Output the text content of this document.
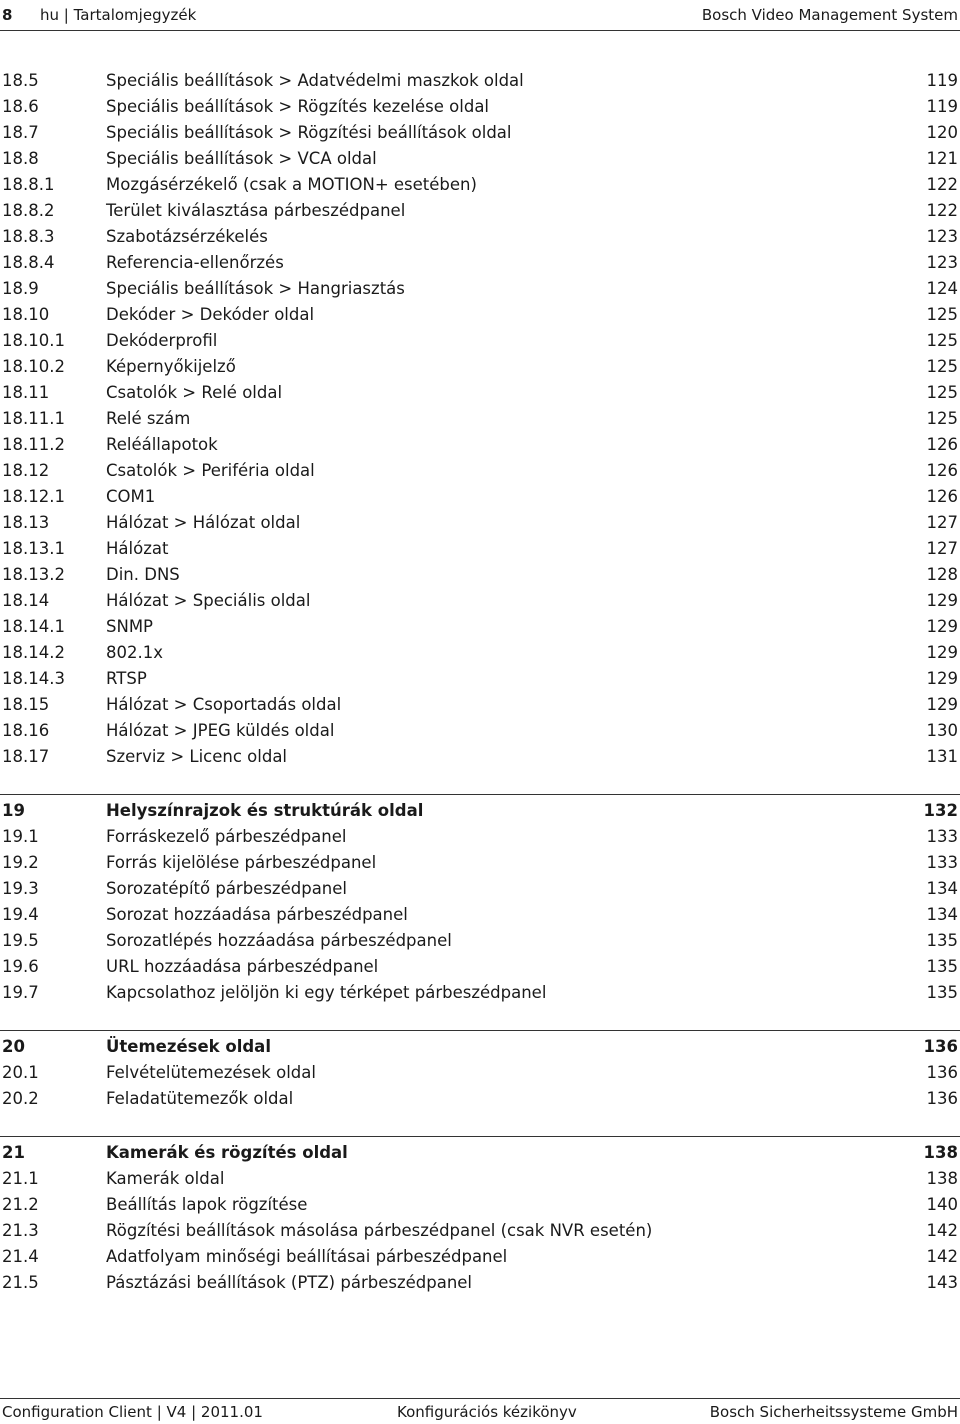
8 hu | Tartalomjegyzék	Bosch Video Management System
18.5	Speciális beállítások > Adatvédelmi maszkok oldal	119
18.6	Speciális beállítások > Rögzítés kezelése oldal	119
18.7	Speciális beállítások > Rögzítési beállítások oldal	120
18.8	Speciális beállítások > VCA oldal	121
18.8.1	Mozgásérzékelő (csak a MOTION+ esetében)	122
18.8.2	Terület kiválasztása párbeszédpanel	122
18.8.3	Szabotázsérzékelés	123
18.8.4	Referencia-ellenőrzés	123
18.9	Speciális beállítások > Hangriasztás	124
18.10	Dekóder > Dekóder oldal	125
18.10.1 Dekóderprofil	125
18.10.2 Képernyőkijelző	125
18.11	Csatolók > Relé oldal	125
18.11.1 Relé szám	125
18.11.2 Reléállapotok	126
18.12	Csatolók > Periféria oldal	126
18.12.1 COM1	126
18.13	Hálózat > Hálózat oldal	127
18.13.1 Hálózat	127
18.13.2 Din. DNS	128
18.14	Hálózat > Speciális oldal	129
18.14.1 SNMP	129
18.14.2 802.1x	129
18.14.3 RTSP	129
18.15	Hálózat > Csoportadás oldal	129
18.16	Hálózat > JPEG küldés oldal	130
18.17	Szerviz > Licenc oldal	131
19	Helyszínrajzok és struktúrák oldal	132
19.1	Forráskezelő párbeszédpanel	133
19.2	Forrás kijelölése párbeszédpanel	133
19.3	Sorozatépítő párbeszédpanel	134
19.4	Sorozat hozzáadása párbeszédpanel	134
19.5	Sorozatlépés hozzáadása párbeszédpanel	135
19.6	URL hozzáadása párbeszédpanel	135
19.7	Kapcsolathoz jelöljön ki egy térképet párbeszédpanel	135
20	Ütemezések oldal	136
20.1	Felvételütemezések oldal	136
20.2	Feladatütemezők oldal	136
21	Kamerák és rögzítés oldal	138
21.1	Kamerák oldal	138
21.2	Beállítás lapok rögzítése	140
21.3	Rögzítési beállítások másolása párbeszédpanel (csak NVR esetén)	142
21.4	Adatfolyam minőségi beállításai párbeszédpanel	142
21.5	Pásztázási beállítások (PTZ) párbeszédpanel	143
Configuration Client | V4 | 2011.01	Konfigurációs kézikönyv	Bosch Sicherheitssysteme GmbH
